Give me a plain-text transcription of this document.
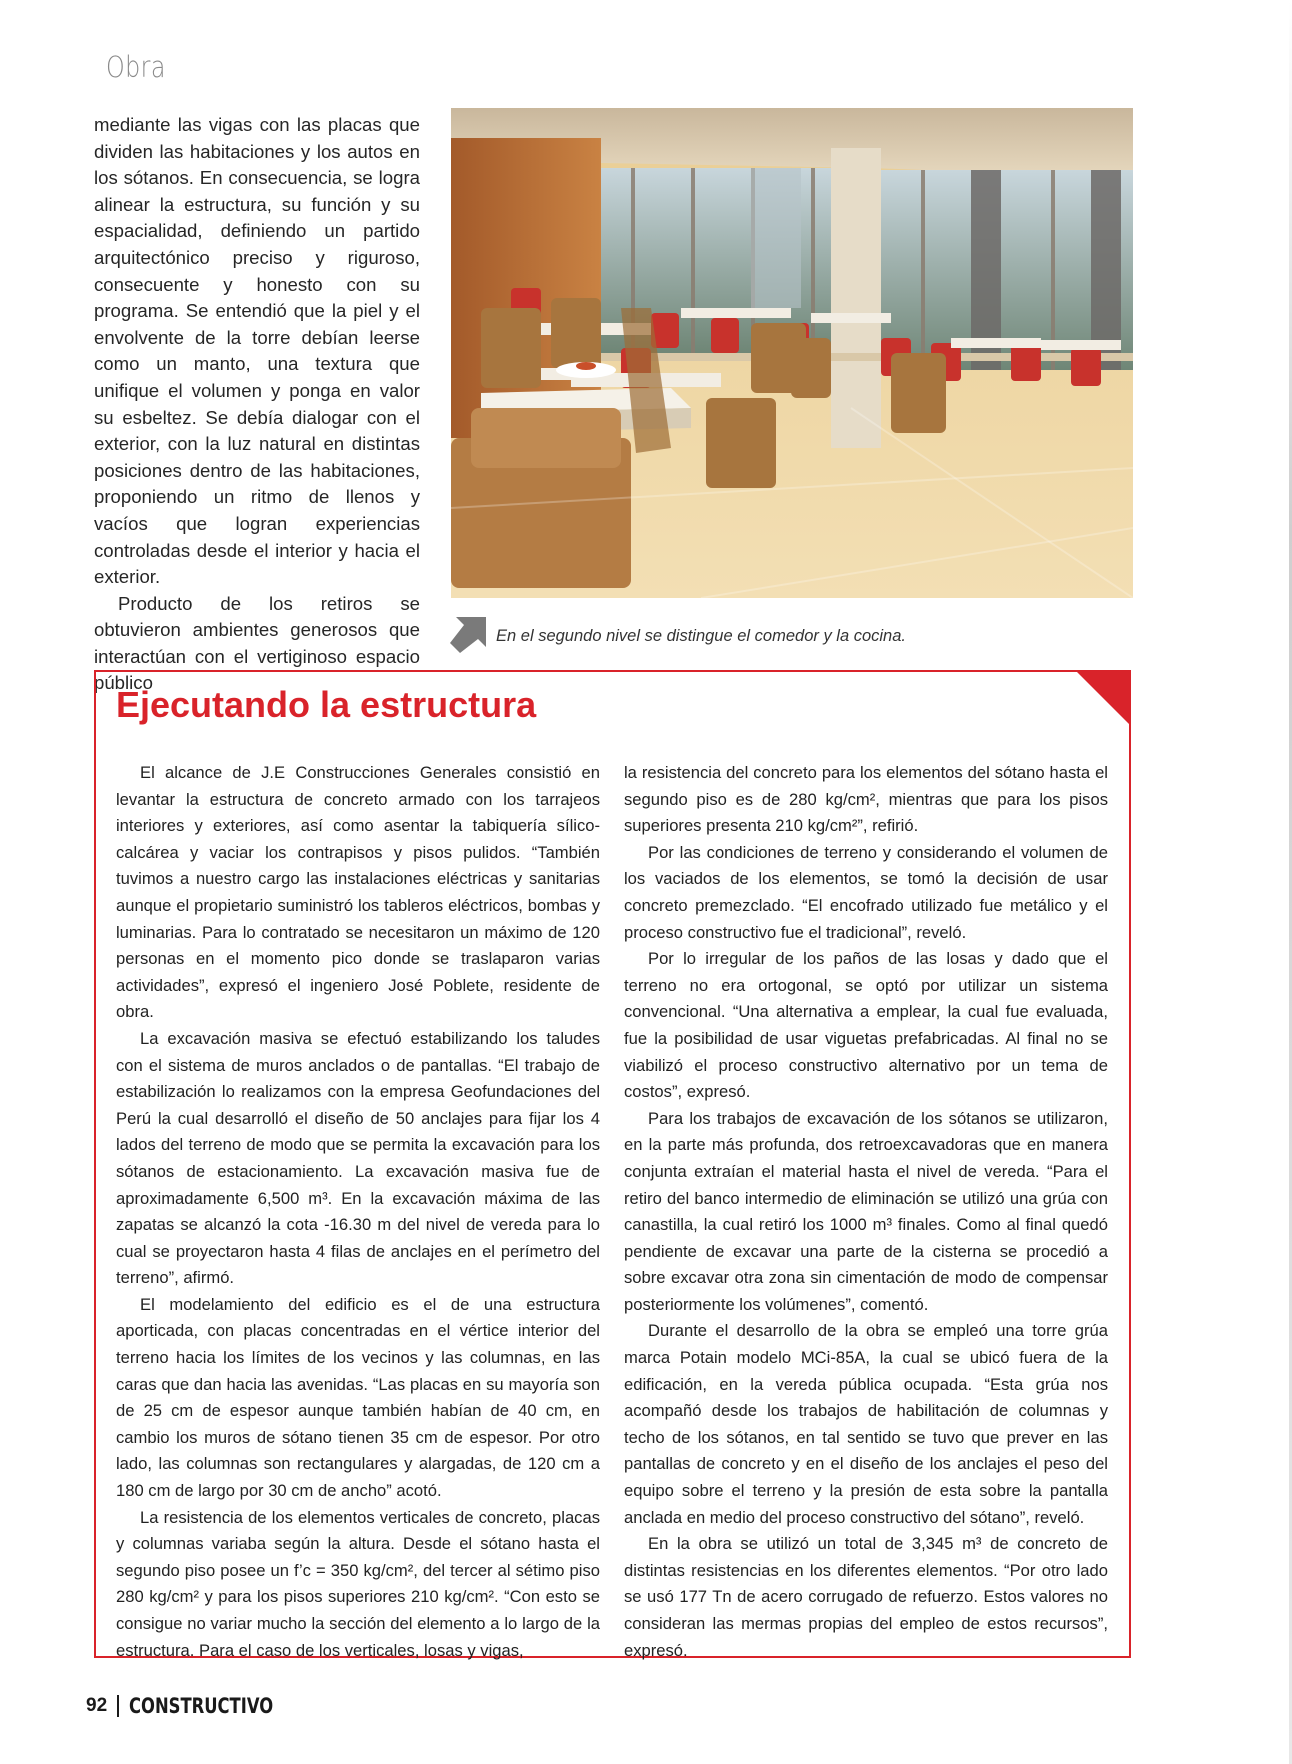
Obra

mediante las vigas con las placas que dividen las habitaciones y los autos en los sótanos. En consecuencia, se logra alinear la estructura, su función y su espacialidad, definiendo un partido arquitectónico preciso y riguroso, consecuente y honesto con su programa. Se entendió que la piel y el envolvente de la torre debían leerse como un manto, una textura que unifique el volumen y ponga en valor su esbeltez. Se debía dialogar con el exterior, con la luz natural en distintas posiciones dentro de las habitaciones, proponiendo un ritmo de llenos y vacíos que logran experiencias controladas desde el interior y hacia el exterior.

Producto de los retiros se obtuvieron ambientes generosos que interactúan con el vertiginoso espacio público

En el segundo nivel se distingue el comedor y la cocina.
Ejecutando la estructura

El alcance de J.E Construcciones Generales consistió en levantar la estructura de concreto armado con los tarrajeos interiores y exteriores, así como asentar la tabiquería sílico-calcárea y vaciar los contrapisos y pisos pulidos. “También tuvimos a nuestro cargo las instalaciones eléctricas y sanitarias aunque el propietario suministró los tableros eléctricos, bombas y luminarias. Para lo contratado se necesitaron un máximo de 120 personas en el momento pico donde se traslaparon varias actividades”, expresó el ingeniero José Poblete, residente de obra.

La excavación masiva se efectuó estabilizando los taludes con el sistema de muros anclados o de pantallas. “El trabajo de estabilización lo realizamos con la empresa Geofundaciones del Perú la cual desarrolló el diseño de 50 anclajes para fijar los 4 lados del terreno de modo que se permita la excavación para los sótanos de estacionamiento. La excavación masiva fue de aproximadamente 6,500 m³. En la excavación máxima de las zapatas se alcanzó la cota -16.30 m del nivel de vereda para lo cual se proyectaron hasta 4 filas de anclajes en el perímetro del terreno”, afirmó.

El modelamiento del edificio es el de una estructura aporticada, con placas concentradas en el vértice interior del terreno hacia los límites de los vecinos y las columnas, en las caras que dan hacia las avenidas. “Las placas en su mayoría son de 25 cm de espesor aunque también habían de 40 cm, en cambio los muros de sótano tienen 35 cm de espesor. Por otro lado, las columnas son rectangulares y alargadas, de 120 cm a 180 cm de largo por 30 cm de ancho” acotó.

La resistencia de los elementos verticales de concreto, placas y columnas variaba según la altura. Desde el sótano hasta el segundo piso posee un f’c = 350 kg/cm², del tercer al sétimo piso 280 kg/cm² y para los pisos superiores 210 kg/cm². “Con esto se consigue no variar mucho la sección del elemento a lo largo de la estructura. Para el caso de los verticales, losas y vigas,

la resistencia del concreto para los elementos del sótano hasta el segundo piso es de 280 kg/cm², mientras que para los pisos superiores presenta 210 kg/cm²”, refirió.

Por las condiciones de terreno y considerando el volumen de los vaciados de los elementos, se tomó la decisión de usar concreto premezclado. “El encofrado utilizado fue metálico y el proceso constructivo fue el tradicional”, reveló.

Por lo irregular de los paños de las losas y dado que el terreno no era ortogonal, se optó por utilizar un sistema convencional. “Una alternativa a emplear, la cual fue evaluada, fue la posibilidad de usar viguetas prefabricadas. Al final no se viabilizó el proceso constructivo alternativo por un tema de costos”, expresó.

Para los trabajos de excavación de los sótanos se utilizaron, en la parte más profunda, dos retroexcavadoras que en manera conjunta extraían el material hasta el nivel de vereda. “Para el retiro del banco intermedio de eliminación se utilizó una grúa con canastilla, la cual retiró los 1000 m³ finales. Como al final quedó pendiente de excavar una parte de la cisterna se procedió a sobre excavar otra zona sin cimentación de modo de compensar posteriormente los volúmenes”, comentó.

Durante el desarrollo de la obra se empleó una torre grúa marca Potain modelo MCi-85A, la cual se ubicó fuera de la edificación, en la vereda pública ocupada. “Esta grúa nos acompañó desde los trabajos de habilitación de columnas y techo de los sótanos, en tal sentido se tuvo que prever en las pantallas de concreto y en el diseño de los anclajes el peso del equipo sobre el terreno y la presión de esta sobre la pantalla anclada en medio del proceso constructivo del sótano”, reveló.

En la obra se utilizó un total de 3,345 m³ de concreto de distintas resistencias en los diferentes elementos. “Por otro lado se usó 177 Tn de acero corrugado de refuerzo. Estos valores no consideran las mermas propias del empleo de estos recursos”, expresó.

92 CONSTRUCTIVO
